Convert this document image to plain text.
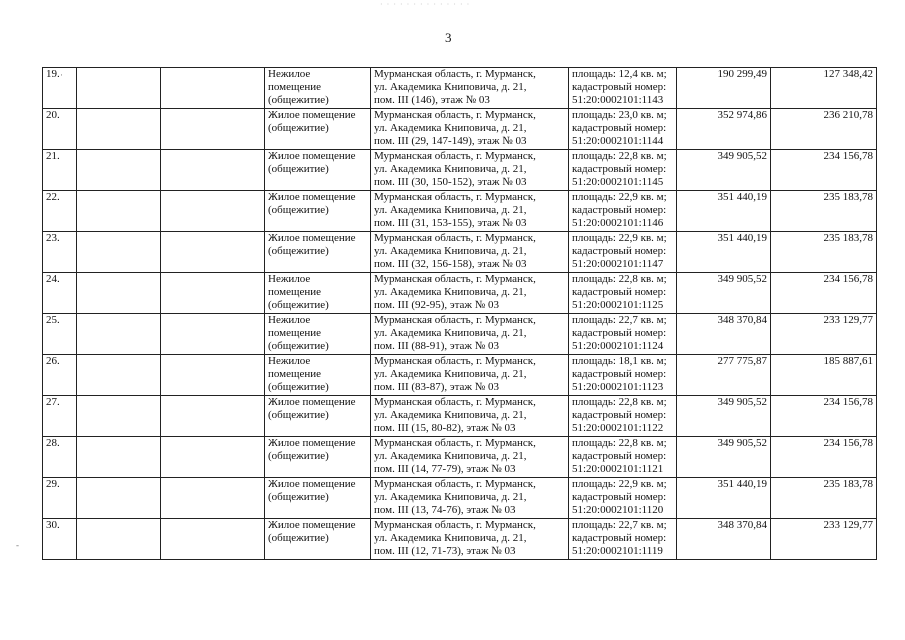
· · · · · · · · · · · · · ·
3
19.			Нежилое
помещение
(общежитие)	Мурманская область, г. Мурманск,
ул. Академика Книповича, д. 21,
пом. III (146), этаж № 03	площадь: 12,4 кв. м;
кадастровый номер:
51:20:0002101:1143	190 299,49	127 348,42
20.			Жилое помещение
(общежитие)	Мурманская область, г. Мурманск,
ул. Академика Книповича, д. 21,
пом. III (29, 147-149), этаж № 03	площадь: 23,0 кв. м;
кадастровый номер:
51:20:0002101:1144	352 974,86	236 210,78
21.			Жилое помещение
(общежитие)	Мурманская область, г. Мурманск,
ул. Академика Книповича, д. 21,
пом. III (30, 150-152), этаж № 03	площадь: 22,8 кв. м;
кадастровый номер:
51:20:0002101:1145	349 905,52	234 156,78
22.			Жилое помещение
(общежитие)	Мурманская область, г. Мурманск,
ул. Академика Книповича, д. 21,
пом. III (31, 153-155), этаж № 03	площадь: 22,9 кв. м;
кадастровый номер:
51:20:0002101:1146	351 440,19	235 183,78
23.			Жилое помещение
(общежитие)	Мурманская область, г. Мурманск,
ул. Академика Книповича, д. 21,
пом. III (32, 156-158), этаж № 03	площадь: 22,9 кв. м;
кадастровый номер:
51:20:0002101:1147	351 440,19	235 183,78
24.			Нежилое
помещение
(общежитие)	Мурманская область, г. Мурманск,
ул. Академика Книповича, д. 21,
пом. III (92-95), этаж № 03	площадь: 22,8 кв. м;
кадастровый номер:
51:20:0002101:1125	349 905,52	234 156,78
25.			Нежилое
помещение
(общежитие)	Мурманская область, г. Мурманск,
ул. Академика Книповича, д. 21,
пом. III (88-91), этаж № 03	площадь: 22,7 кв. м;
кадастровый номер:
51:20:0002101:1124	348 370,84	233 129,77
26.			Нежилое
помещение
(общежитие)	Мурманская область, г. Мурманск,
ул. Академика Книповича, д. 21,
пом. III (83-87), этаж № 03	площадь: 18,1 кв. м;
кадастровый номер:
51:20:0002101:1123	277 775,87	185 887,61
27.			Жилое помещение
(общежитие)	Мурманская область, г. Мурманск,
ул. Академика Книповича, д. 21,
пом. III (15, 80-82), этаж № 03	площадь: 22,8 кв. м;
кадастровый номер:
51:20:0002101:1122	349 905,52	234 156,78
28.			Жилое помещение
(общежитие)	Мурманская область, г. Мурманск,
ул. Академика Книповича, д. 21,
пом. III (14, 77-79), этаж № 03	площадь: 22,8 кв. м;
кадастровый номер:
51:20:0002101:1121	349 905,52	234 156,78
29.			Жилое помещение
(общежитие)	Мурманская область, г. Мурманск,
ул. Академика Книповича, д. 21,
пом. III (13, 74-76), этаж № 03	площадь: 22,9 кв. м;
кадастровый номер:
51:20:0002101:1120	351 440,19	235 183,78
30.			Жилое помещение
(общежитие)	Мурманская область, г. Мурманск,
ул. Академика Книповича, д. 21,
пом. III (12, 71-73), этаж № 03	площадь: 22,7 кв. м;
кадастровый номер:
51:20:0002101:1119	348 370,84	233 129,77
·
-
